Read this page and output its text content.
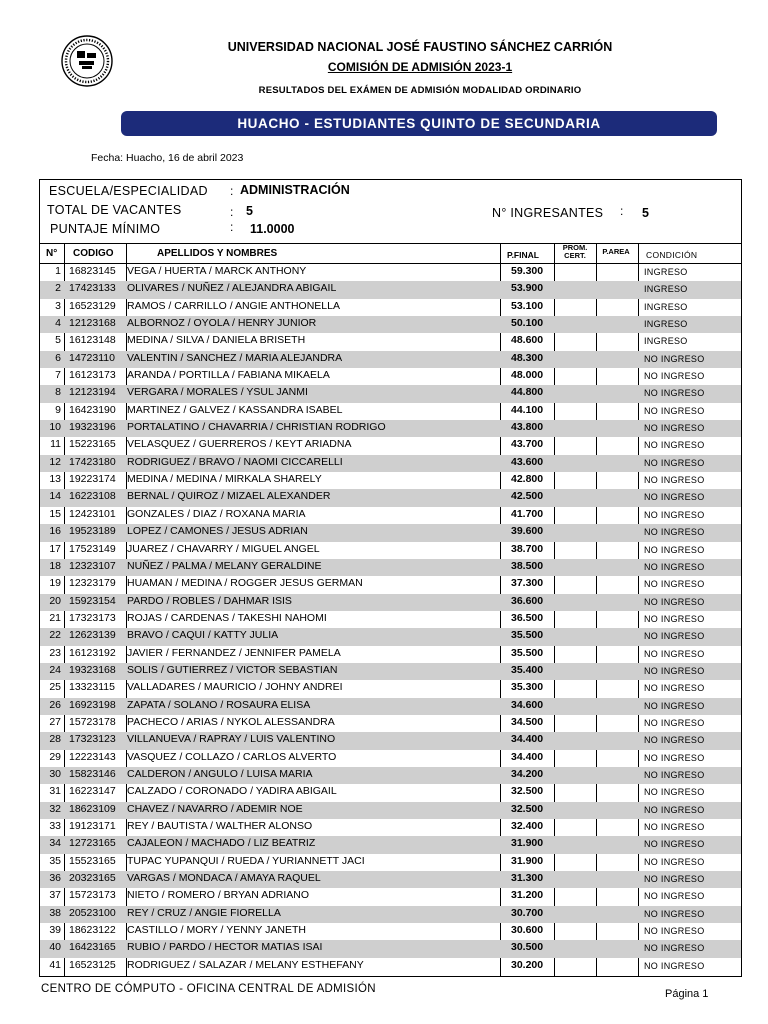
UNIVERSIDAD NACIONAL JOSÉ FAUSTINO SÁNCHEZ CARRIÓN
COMISIÓN DE ADMISIÓN 2023-1
RESULTADOS DEL EXÁMEN DE ADMISIÓN MODALIDAD ORDINARIO
HUACHO - ESTUDIANTES QUINTO DE SECUNDARIA
Fecha: Huacho, 16 de abril 2023
ESCUELA/ESPECIALIDAD : ADMINISTRACIÓN
TOTAL DE VACANTES	: 5
PUNTAJE MÍNIMO	: 11.0000
N° INGRESANTES : 5
N° CODIGO	APELLIDOS Y NOMBRES	P.FINAL
PROM.
CERT.	P.AREA	CONDICIÓN
1 16823145 VEGA / HUERTA / MARCK ANTHONY	59.300	INGRESO
2 17423133 OLIVARES / NUÑEZ / ALEJANDRA ABIGAIL	53.900	INGRESO
3 16523129 RAMOS / CARRILLO / ANGIE ANTHONELLA	53.100	INGRESO
4 12123168 ALBORNOZ / OYOLA / HENRY JUNIOR	50.100	INGRESO
5 16123148 MEDINA / SILVA / DANIELA BRISETH	48.600	INGRESO
6 14723110 VALENTIN / SANCHEZ / MARIA ALEJANDRA	48.300	NO INGRESO
7 16123173 ARANDA / PORTILLA / FABIANA MIKAELA	48.000	NO INGRESO
8 12123194 VERGARA / MORALES / YSUL JANMI	44.800	NO INGRESO
9 16423190 MARTINEZ / GALVEZ / KASSANDRA ISABEL	44.100	NO INGRESO
10 19323196 PORTALATINO / CHAVARRIA / CHRISTIAN RODRIGO	43.800	NO INGRESO
11 15223165 VELASQUEZ / GUERREROS / KEYT ARIADNA	43.700	NO INGRESO
12 17423180 RODRIGUEZ / BRAVO / NAOMI CICCARELLI	43.600	NO INGRESO
13 19223174 MEDINA / MEDINA / MIRKALA SHARELY	42.800	NO INGRESO
14 16223108 BERNAL / QUIROZ / MIZAEL ALEXANDER	42.500	NO INGRESO
15 12423101 GONZALES / DIAZ / ROXANA MARIA	41.700	NO INGRESO
16 19523189 LOPEZ / CAMONES / JESUS ADRIAN	39.600	NO INGRESO
17 17523149 JUAREZ / CHAVARRY / MIGUEL ANGEL	38.700	NO INGRESO
18 12323107 NUÑEZ / PALMA / MELANY GERALDINE	38.500	NO INGRESO
19 12323179 HUAMAN / MEDINA / ROGGER JESUS GERMAN	37.300	NO INGRESO
20 15923154 PARDO / ROBLES / DAHMAR ISIS	36.600	NO INGRESO
21 17323173 ROJAS / CARDENAS / TAKESHI NAHOMI	36.500	NO INGRESO
22 12623139 BRAVO / CAQUI / KATTY JULIA	35.500	NO INGRESO
23 16123192 JAVIER / FERNANDEZ / JENNIFER PAMELA	35.500	NO INGRESO
24 19323168 SOLIS / GUTIERREZ / VICTOR SEBASTIAN	35.400	NO INGRESO
25 13323115 VALLADARES / MAURICIO / JOHNY ANDREI	35.300	NO INGRESO
26 16923198 ZAPATA / SOLANO / ROSAURA ELISA	34.600	NO INGRESO
27 15723178 PACHECO / ARIAS / NYKOL ALESSANDRA	34.500	NO INGRESO
28 17323123 VILLANUEVA / RAPRAY / LUIS VALENTINO	34.400	NO INGRESO
29 12223143 VASQUEZ / COLLAZO / CARLOS ALVERTO	34.400	NO INGRESO
30 15823146 CALDERON / ANGULO / LUISA MARIA	34.200	NO INGRESO
31 16223147 CALZADO / CORONADO / YADIRA ABIGAIL	32.500	NO INGRESO
32 18623109 CHAVEZ / NAVARRO / ADEMIR NOE	32.500	NO INGRESO
33 19123171 REY / BAUTISTA / WALTHER ALONSO	32.400	NO INGRESO
34 12723165 CAJALEON / MACHADO / LIZ BEATRIZ	31.900	NO INGRESO
35 15523165 TUPAC YUPANQUI / RUEDA / YURIANNETT JACI	31.900	NO INGRESO
36 20323165 VARGAS / MONDACA / AMAYA RAQUEL	31.300	NO INGRESO
37 15723173 NIETO / ROMERO / BRYAN ADRIANO	31.200	NO INGRESO
38 20523100 REY / CRUZ / ANGIE FIORELLA	30.700	NO INGRESO
39 18623122 CASTILLO / MORY / YENNY JANETH	30.600	NO INGRESO
40 16423165 RUBIO / PARDO / HECTOR MATIAS ISAI	30.500	NO INGRESO
41 16523125 RODRIGUEZ / SALAZAR / MELANY ESTHEFANY	30.200	NO INGRESO
CENTRO DE CÓMPUTO - OFICINA CENTRAL DE ADMISIÓN	Página 1
